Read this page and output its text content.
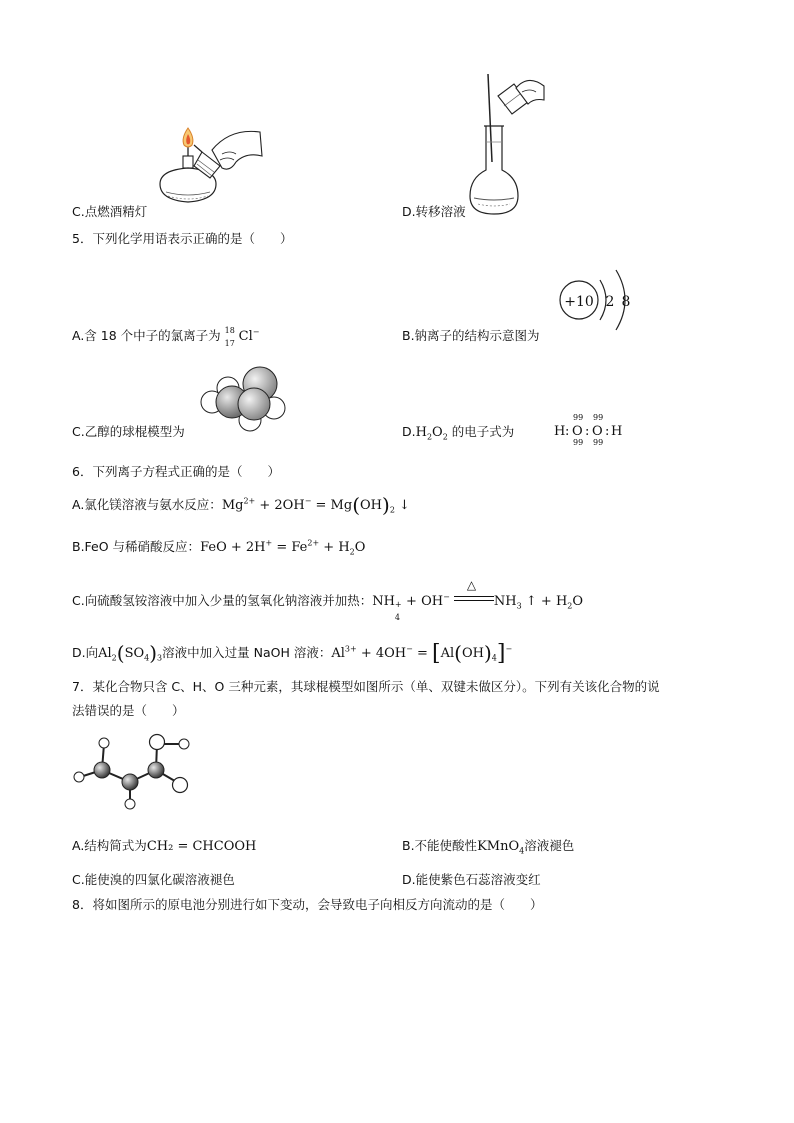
C.点燃酒精灯	D.转移溶液
5．下列化学用语表示正确的是（　　）
A.含 18 个中子的氯离子为 18
17 Cl−	B.钠离子的结构示意图为
+10 2 8
C.乙醇的球棍模型为	$D.H_2O_2$ 的电子式为	H : O
99
99
: O
99
99
: H
6．下列离子方程式正确的是（　　）
A.氯化镁溶液与氨水反应：$Mg^{2+} + 2OH^- = Mg(OH)_2$ ↓
B.FeO 与稀硝酸反应：FeO + $2H^+ = Fe^{2+} + H_2O$
C.向硫酸氢铵溶液中加入少量的氢氧化钠溶液并加热：NH +
4
+ OH−
△
$NH_3$ ↑ + $H_2O$
D.向$Al_2(SO_4)_3$溶液中加入过量 NaOH 溶液：$Al^{3+} + 4OH^- = [Al(OH)_4]^-$
7．某化合物只含 C、H、O 三种元素，其球棍模型如图所示（单、双键未做区分）。下列有关该化合物的说
法错误的是（　　）
A.结构简式为CH₂ = CHCOOH	B.不能使酸性KMnO$_4$溶液褪色
C.能使溴的四氯化碳溶液褪色	D.能使紫色石蕊溶液变红
8．将如图所示的原电池分别进行如下变动，会导致电子向相反方向流动的是（　　）
